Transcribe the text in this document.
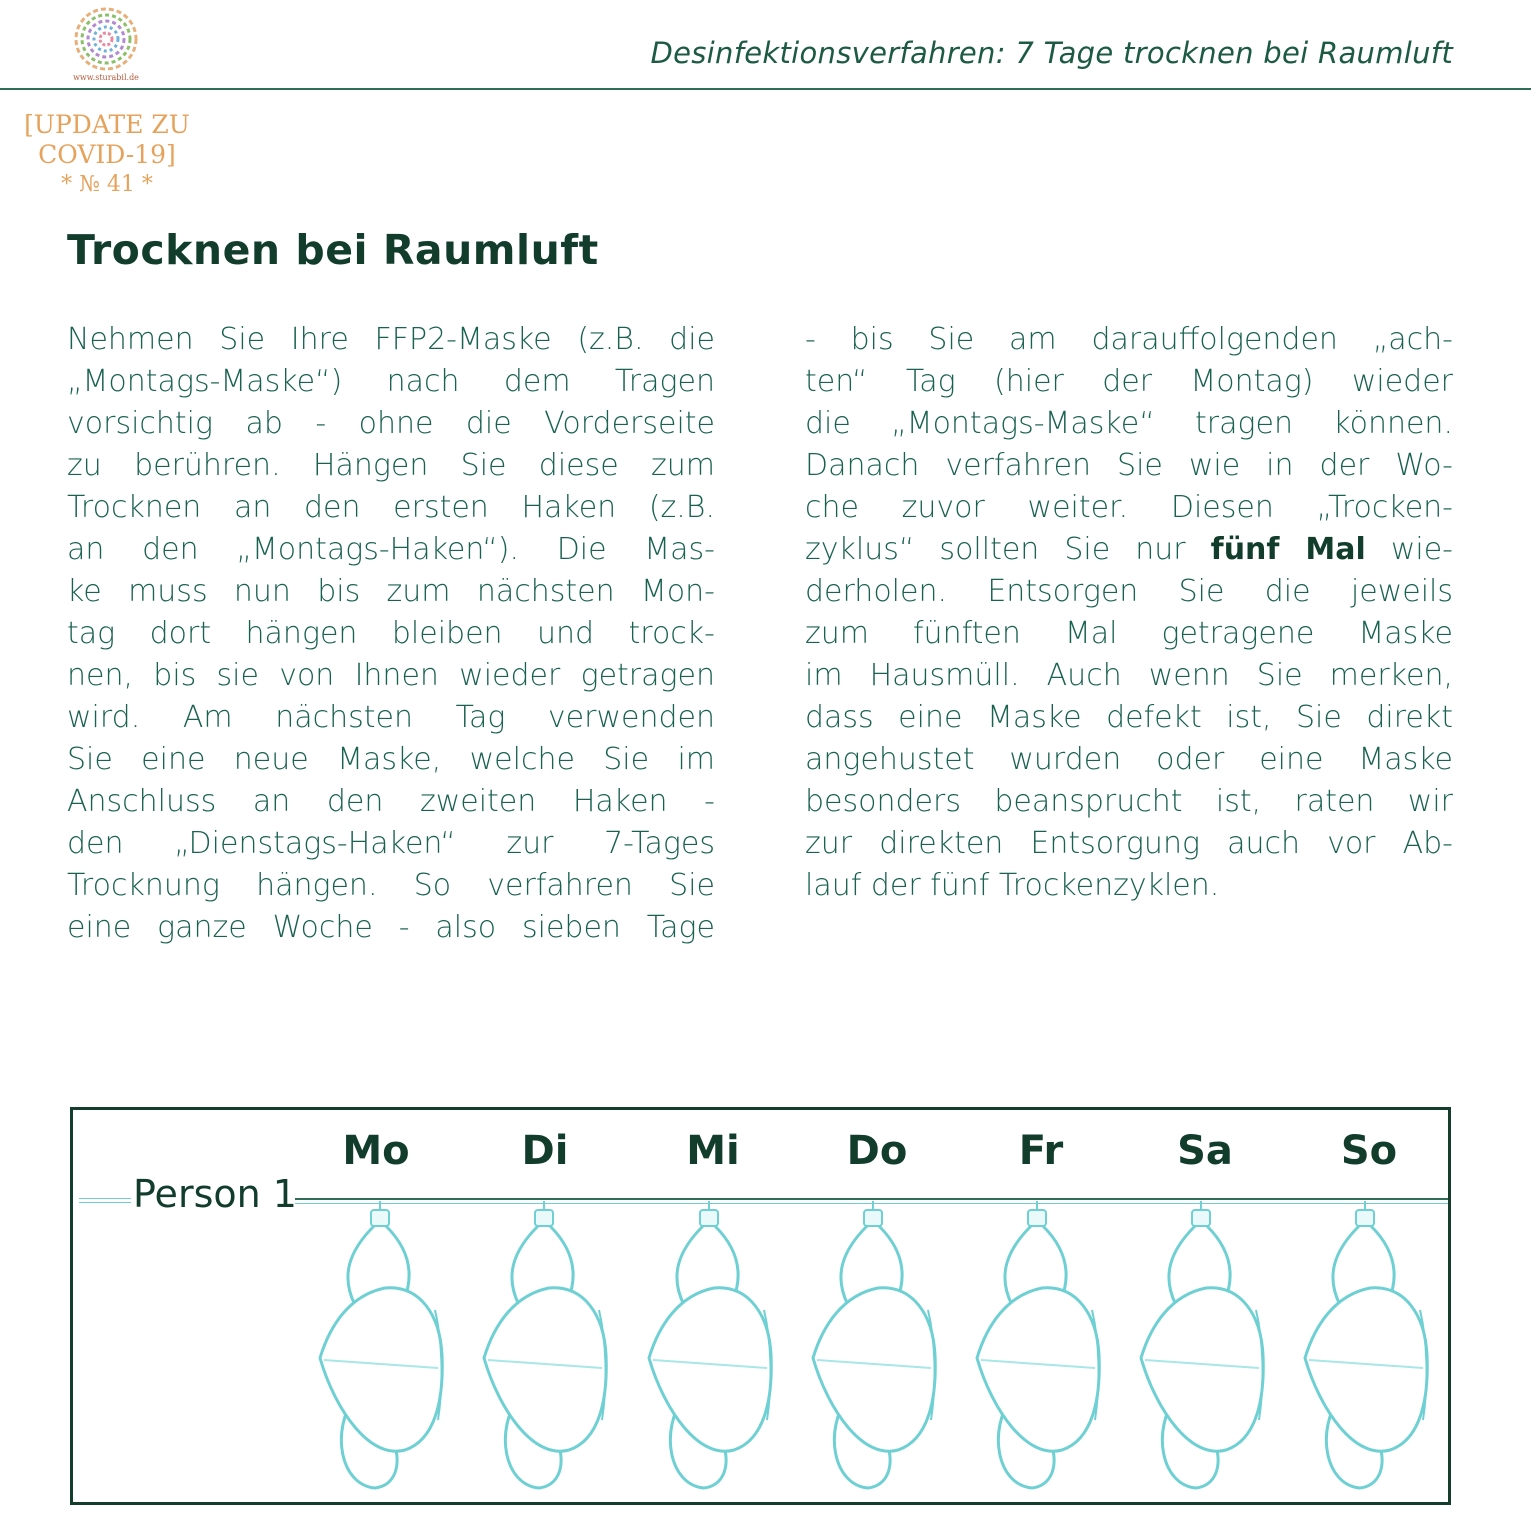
www.sturabil.de
Desinfektionsverfahren: 7 Tage trocknen bei Raumluft
[UPDATE ZU
COVID-19]
* № 41 *
Trocknen bei Raumluft
Nehmen Sie Ihre FFP2-Maske (z.B. die
„Montags-Maske“) nach dem Tragen
vorsichtig ab - ohne die Vorderseite
zu berühren. Hängen Sie diese zum
Trocknen an den ersten Haken (z.B.
an den „Montags-Haken“). Die Mas-
ke muss nun bis zum nächsten Mon-
tag dort hängen bleiben und trock-
nen, bis sie von Ihnen wieder getragen
wird. Am nächsten Tag verwenden
Sie eine neue Maske, welche Sie im
Anschluss an den zweiten Haken -
den „Dienstags-Haken“ zur 7-Tages
Trocknung hängen. So verfahren Sie
eine ganze Woche - also sieben Tage
- bis Sie am darauffolgenden „ach-
ten“ Tag (hier der Montag) wieder
die „Montags-Maske“ tragen können.
Danach verfahren Sie wie in der Wo-
che zuvor weiter. Diesen „Trocken-
zyklus“ sollten Sie nur fünf Mal wie-
derholen. Entsorgen Sie die jeweils
zum fünften Mal getragene Maske
im Hausmüll. Auch wenn Sie merken,
dass eine Maske defekt ist, Sie direkt
angehustet wurden oder eine Maske
besonders beansprucht ist, raten wir
zur direkten Entsorgung auch vor Ab-
lauf der fünf Trockenzyklen.
Mo	Di	Mi	Do	Fr	Sa	So
Person 1
